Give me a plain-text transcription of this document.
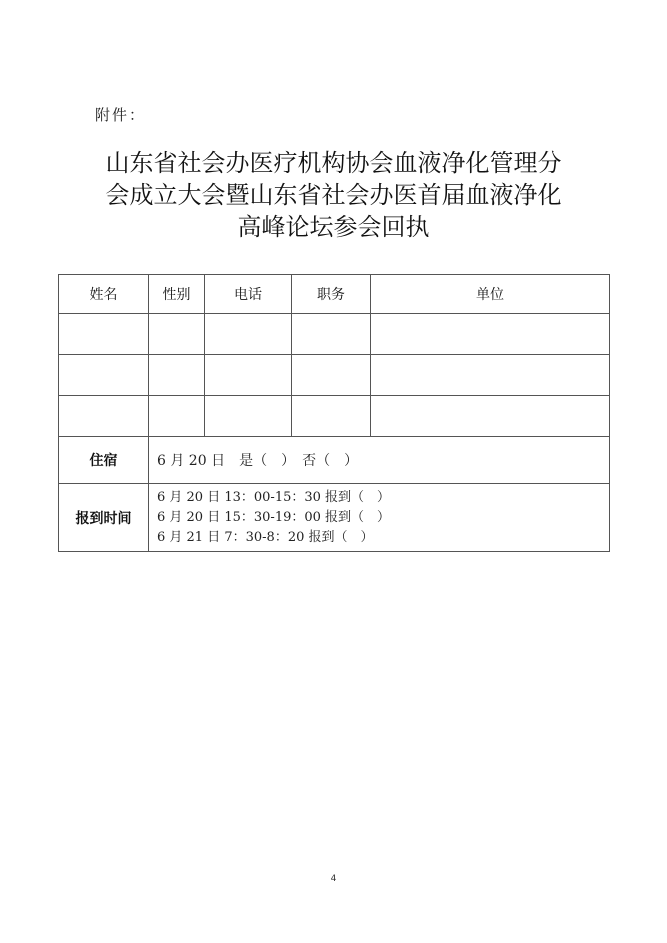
附件：
山东省社会办医疗机构协会血液净化管理分
会成立大会暨山东省社会办医首届血液净化
高峰论坛参会回执
姓名	性别	电话	职务	单位

住宿	6 月 20 日　是（　）　否（　）			
报到时间	6 月 20 日 13：00-15：30 报到（　）
6 月 20 日 15：30-19：00 报到（　）
6 月 21 日 7：30-8：20 报到（　）			
4
